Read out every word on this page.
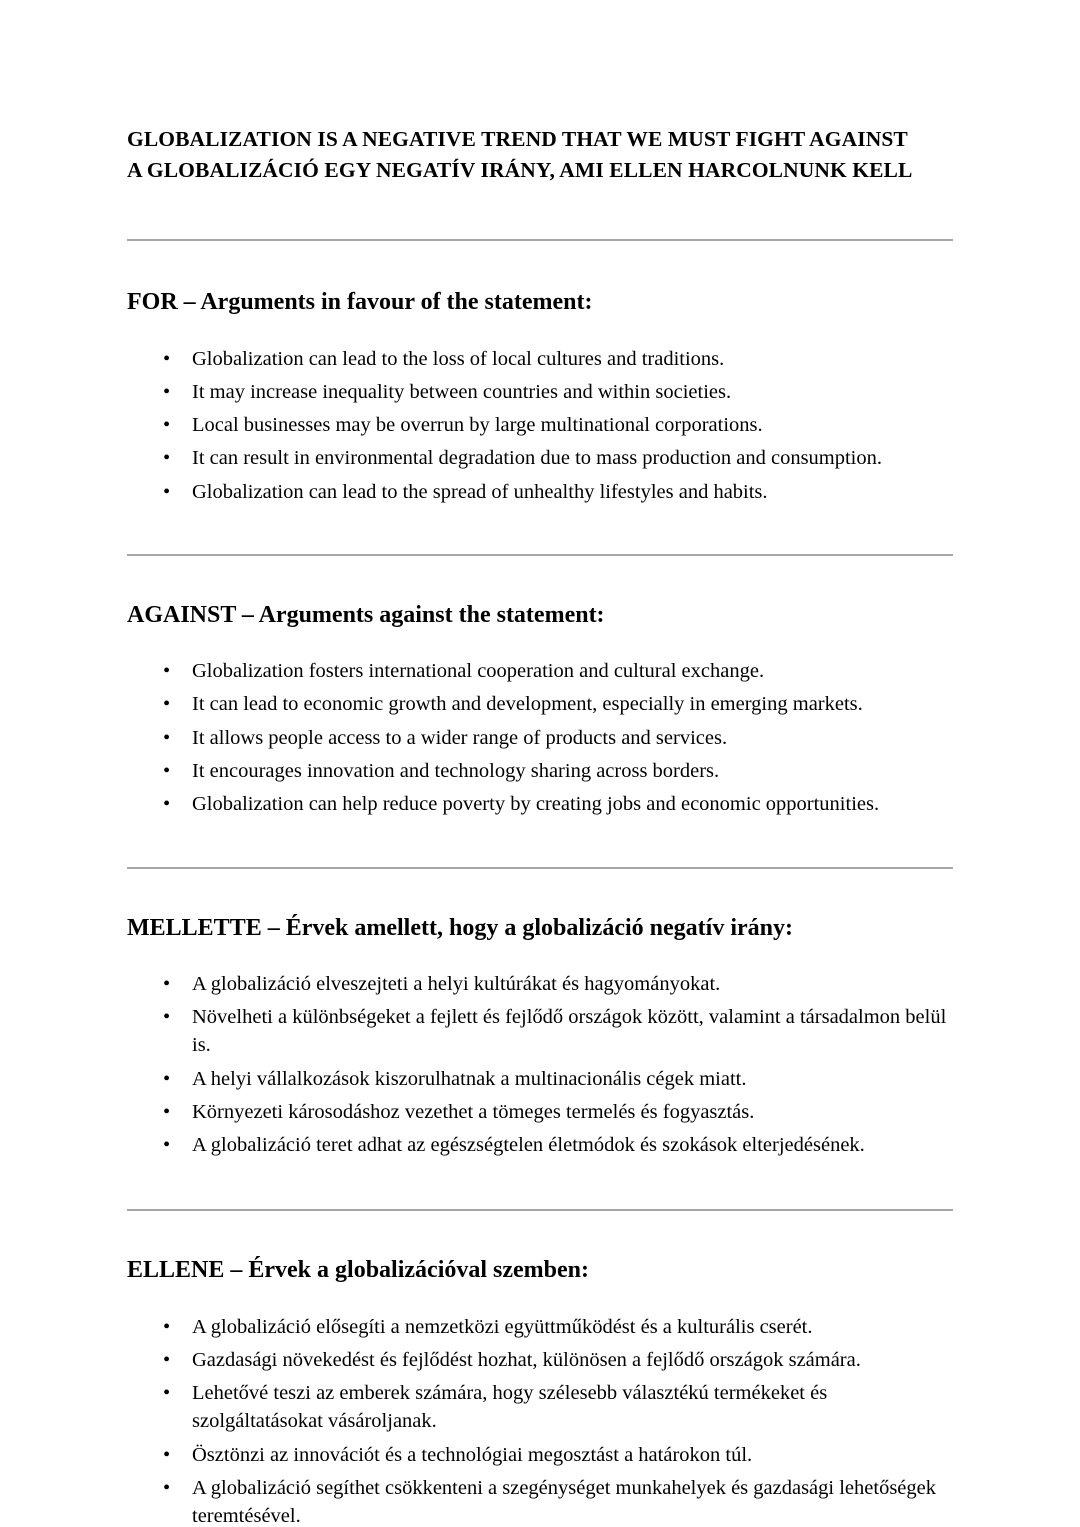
GLOBALIZATION IS A NEGATIVE TREND THAT WE MUST FIGHT AGAINST
A GLOBALIZÁCIÓ EGY NEGATÍV IRÁNY, AMI ELLEN HARCOLNUNK KELL
FOR – Arguments in favour of the statement:
• Globalization can lead to the loss of local cultures and traditions.
• It may increase inequality between countries and within societies.
• Local businesses may be overrun by large multinational corporations.
• It can result in environmental degradation due to mass production and consumption.
• Globalization can lead to the spread of unhealthy lifestyles and habits.
AGAINST – Arguments against the statement:
• Globalization fosters international cooperation and cultural exchange.
• It can lead to economic growth and development, especially in emerging markets.
• It allows people access to a wider range of products and services.
• It encourages innovation and technology sharing across borders.
• Globalization can help reduce poverty by creating jobs and economic opportunities.
MELLETTE – Érvek amellett, hogy a globalizáció negatív irány:
• A globalizáció elveszejteti a helyi kultúrákat és hagyományokat.
• Növelheti a különbségeket a fejlett és fejlődő országok között, valamint a társadalmon belül is.
• A helyi vállalkozások kiszorulhatnak a multinacionális cégek miatt.
• Környezeti károsodáshoz vezethet a tömeges termelés és fogyasztás.
• A globalizáció teret adhat az egészségtelen életmódok és szokások elterjedésének.
ELLENE – Érvek a globalizációval szemben:
• A globalizáció elősegíti a nemzetközi együttműködést és a kulturális cserét.
• Gazdasági növekedést és fejlődést hozhat, különösen a fejlődő országok számára.
• Lehetővé teszi az emberek számára, hogy szélesebb választékú termékeket és szolgáltatásokat vásároljanak.
• Ösztönzi az innovációt és a technológiai megosztást a határokon túl.
• A globalizáció segíthet csökkenteni a szegénységet munkahelyek és gazdasági lehetőségek teremtésével.
